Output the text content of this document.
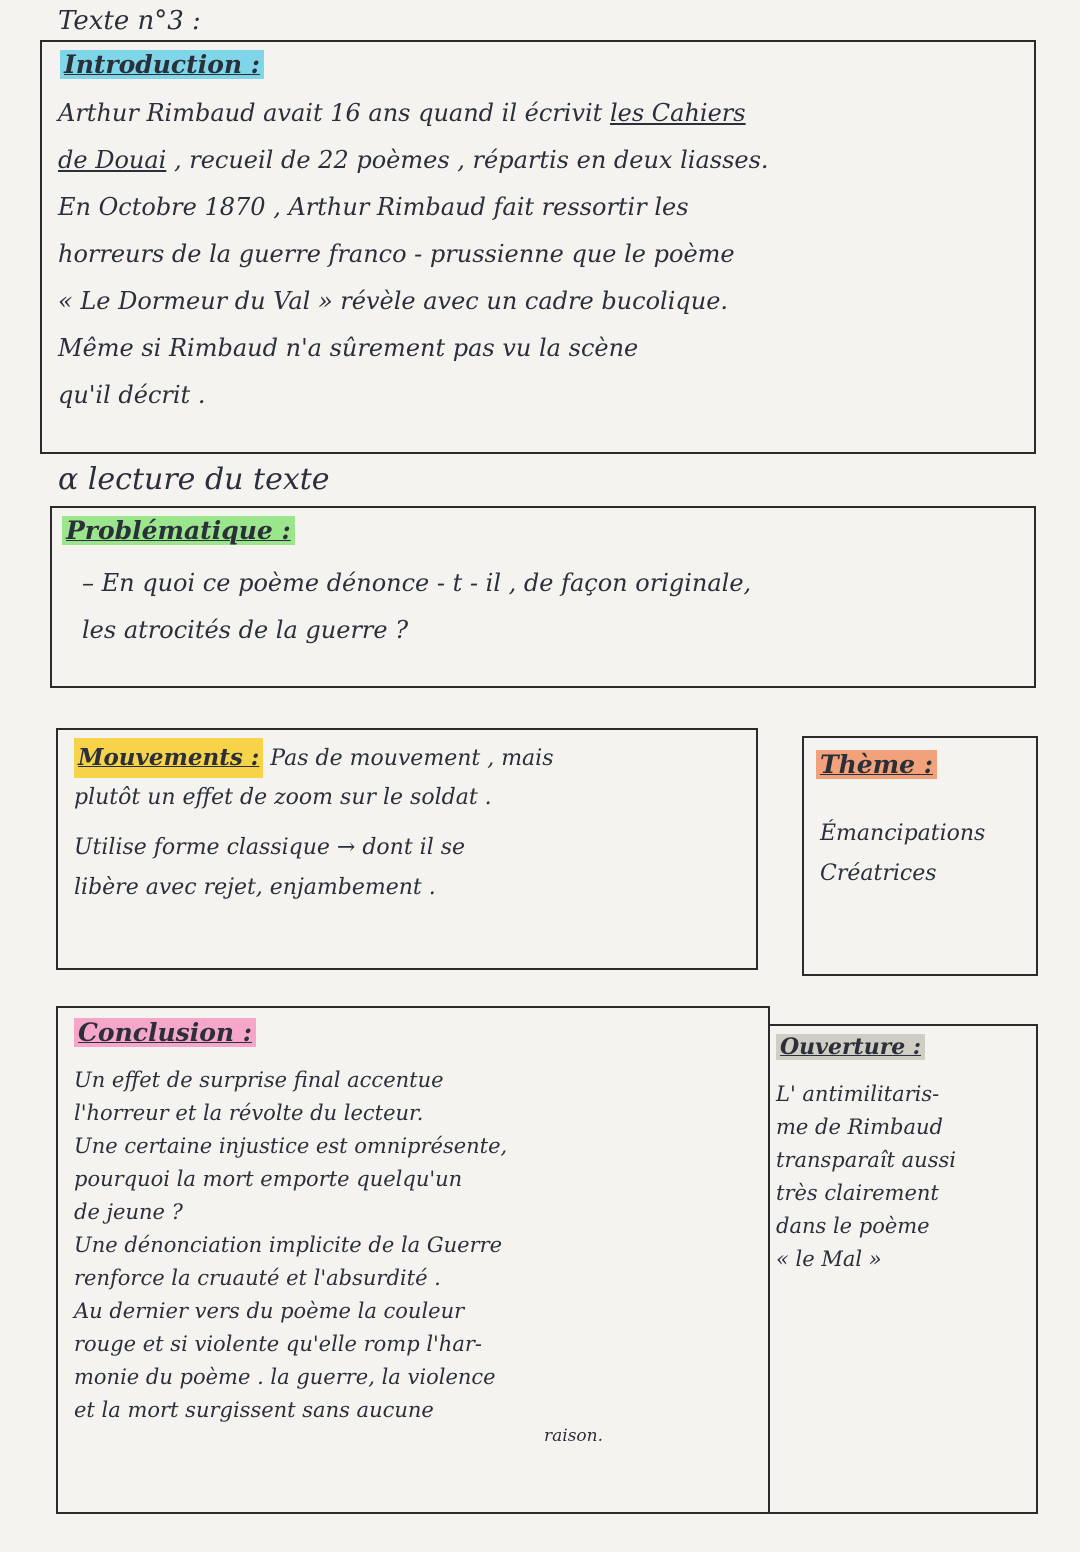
Texte n°3 :
Introduction :
Arthur Rimbaud avait 16 ans quand il écrivit les Cahiers
de Douai , recueil de 22 poèmes , répartis en deux liasses.
En Octobre 1870 , Arthur Rimbaud fait ressortir les
horreurs de la guerre franco - prussienne que le poème
« Le Dormeur du Val » révèle avec un cadre bucolique.
Même si Rimbaud n'a sûrement pas vu la scène
qu'il décrit .
𝛼 lecture du texte
Problématique :
– En quoi ce poème dénonce - t - il , de façon originale,
les atrocités de la guerre ?
Mouvements : Pas de mouvement , mais
plutôt un effet de zoom sur le soldat .
Utilise forme classique → dont il se
libère avec rejet, enjambement .
Thème :
Émancipations
Créatrices
Conclusion :
Un effet de surprise final accentue
l'horreur et la révolte du lecteur.
Une certaine injustice est omniprésente,
pourquoi la mort emporte quelqu'un
de jeune ?
Une dénonciation implicite de la Guerre
renforce la cruauté et l'absurdité .
Au dernier vers du poème la couleur
rouge et si violente qu'elle romp l'har-
monie du poème . la guerre, la violence
et la mort surgissent sans aucune
raison.
Ouverture :
L' antimilitaris-
me de Rimbaud
transparaît aussi
très clairement
dans le poème
« le Mal »
